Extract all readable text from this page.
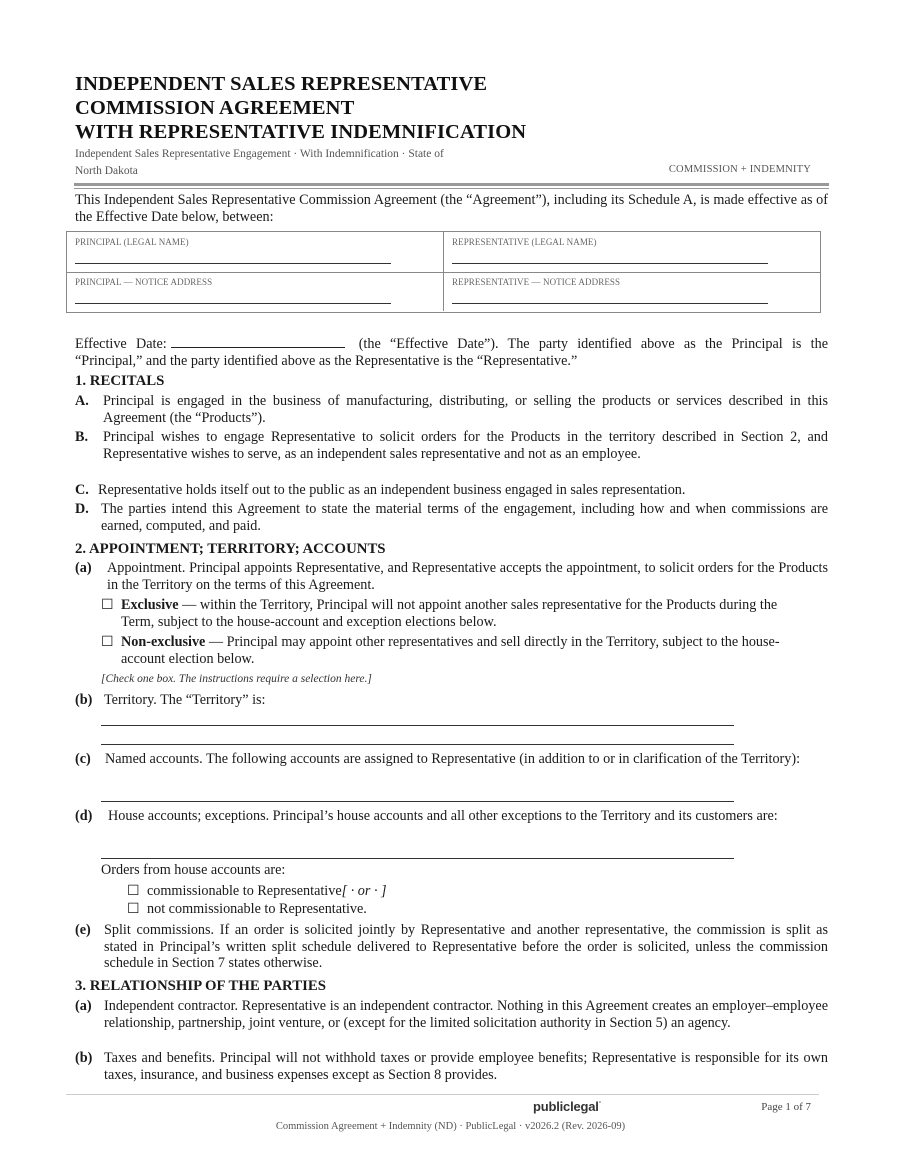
INDEPENDENT SALES REPRESENTATIVE
COMMISSION AGREEMENT
WITH REPRESENTATIVE INDEMNIFICATION
Independent Sales Representative Engagement · With Indemnification · State of
North Dakota	COMMISSION + INDEMNITY
This Independent Sales Representative Commission Agreement (the “Agreement”), including its Schedule A, is made effective as of the Effective Date below, between:
PRINCIPAL (LEGAL NAME)	REPRESENTATIVE (LEGAL NAME)
PRINCIPAL — NOTICE ADDRESS	REPRESENTATIVE — NOTICE ADDRESS
Effective Date:	(the “Effective Date”). The party identified above as the Principal is the “Principal,” and the party identified above as the Representative is the “Representative.”
1. RECITALS
A. Principal is engaged in the business of manufacturing, distributing, or selling the products or services described in this Agreement (the “Products”).
B. Principal wishes to engage Representative to solicit orders for the Products in the territory described in Section 2, and Representative wishes to serve, as an independent sales representative and not as an employee.
C. Representative holds itself out to the public as an independent business engaged in sales representation.
D. The parties intend this Agreement to state the material terms of the engagement, including how and when commissions are earned, computed, and paid.
2. APPOINTMENT; TERRITORY; ACCOUNTS
(a) Appointment. Principal appoints Representative, and Representative accepts the appointment, to solicit orders for the Products in the Territory on the terms of this Agreement.
☐ Exclusive — within the Territory, Principal will not appoint another sales representative for the Products during the Term, subject to the house-account and exception elections below.
☐ Non-exclusive — Principal may appoint other representatives and sell directly in the Territory, subject to the house-account election below.
[Check one box. The instructions require a selection here.]
(b) Territory. The “Territory” is:
(c) Named accounts. The following accounts are assigned to Representative (in addition to or in clarification of the Territory):
(d) House accounts; exceptions. Principal’s house accounts and all other exceptions to the Territory and its customers are:
Orders from house accounts are:
☐ commissionable to Representative[ · or · ]
☐ not commissionable to Representative.
(e) Split commissions. If an order is solicited jointly by Representative and another representative, the commission is split as stated in Principal’s written split schedule delivered to Representative before the order is solicited, unless the commission schedule in Section 7 states otherwise.
3. RELATIONSHIP OF THE PARTIES
(a) Independent contractor. Representative is an independent contractor. Nothing in this Agreement creates an employer–employee relationship, partnership, joint venture, or (except for the limited solicitation authority in Section 5) an agency.
(b) Taxes and benefits. Principal will not withhold taxes or provide employee benefits; Representative is responsible for its own taxes, insurance, and business expenses except as Section 8 provides.
publiclegal°	Page 1 of 7
Commission Agreement + Indemnity (ND) · PublicLegal · v2026.2 (Rev. 2026-09)
